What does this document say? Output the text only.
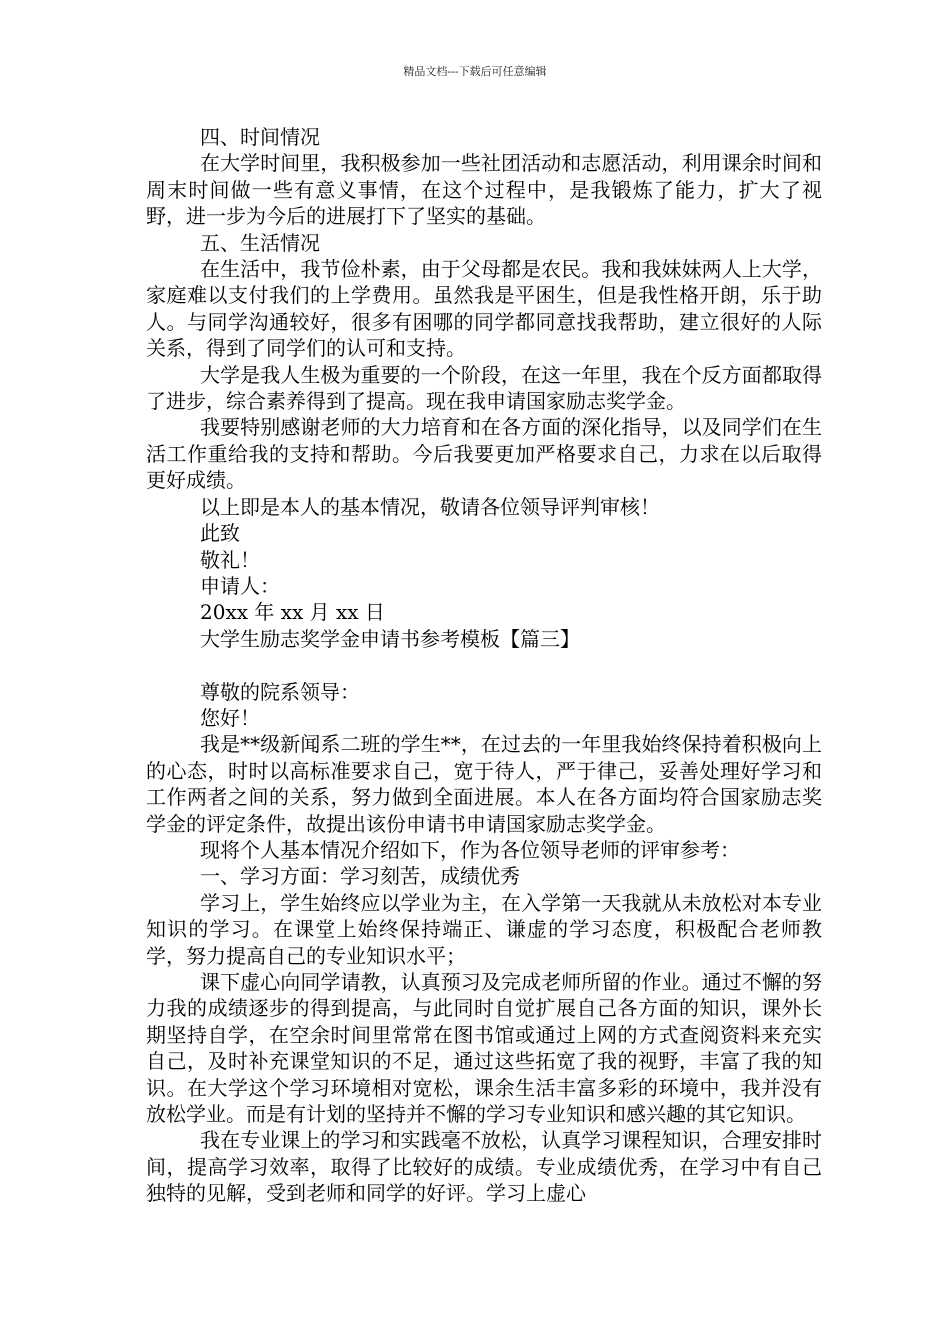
精品文档---下载后可任意编辑

四、时间情况

在大学时间里，我积极参加一些社团活动和志愿活动，利用课余时间和周末时间做一些有意义事情，在这个过程中，是我锻炼了能力，扩大了视野，进一步为今后的进展打下了坚实的基础。

五、生活情况

在生活中，我节俭朴素，由于父母都是农民。我和我妹妹两人上大学，家庭难以支付我们的上学费用。虽然我是平困生，但是我性格开朗，乐于助人。与同学沟通较好，很多有困哪的同学都同意找我帮助，建立很好的人际关系，得到了同学们的认可和支持。

大学是我人生极为重要的一个阶段，在这一年里，我在个反方面都取得了进步，综合素养得到了提高。现在我申请国家励志奖学金。

我要特别感谢老师的大力培育和在各方面的深化指导，以及同学们在生活工作重给我的支持和帮助。今后我要更加严格要求自己，力求在以后取得更好成绩。

以上即是本人的基本情况，敬请各位领导评判审核！

此致

敬礼！

申请人：

20xx 年 xx 月 xx 日

大学生励志奖学金申请书参考模板【篇三】

尊敬的院系领导：

您好！

我是**级新闻系二班的学生**，在过去的一年里我始终保持着积极向上的心态，时时以高标准要求自己，宽于待人，严于律己，妥善处理好学习和工作两者之间的关系，努力做到全面进展。本人在各方面均符合国家励志奖学金的评定条件，故提出该份申请书申请国家励志奖学金。

现将个人基本情况介绍如下，作为各位领导老师的评审参考：

一、学习方面：学习刻苦，成绩优秀

学习上，学生始终应以学业为主，在入学第一天我就从未放松对本专业知识的学习。在课堂上始终保持端正、谦虚的学习态度，积极配合老师教学，努力提高自己的专业知识水平；

课下虚心向同学请教，认真预习及完成老师所留的作业。通过不懈的努力我的成绩逐步的得到提高，与此同时自觉扩展自己各方面的知识，课外长期坚持自学，在空余时间里常常在图书馆或通过上网的方式查阅资料来充实自己，及时补充课堂知识的不足，通过这些拓宽了我的视野，丰富了我的知识。在大学这个学习环境相对宽松，课余生活丰富多彩的环境中，我并没有放松学业。而是有计划的坚持并不懈的学习专业知识和感兴趣的其它知识。

我在专业课上的学习和实践毫不放松，认真学习课程知识，合理安排时间，提高学习效率，取得了比较好的成绩。专业成绩优秀，在学习中有自己独特的见解，受到老师和同学的好评。学习上虚心
